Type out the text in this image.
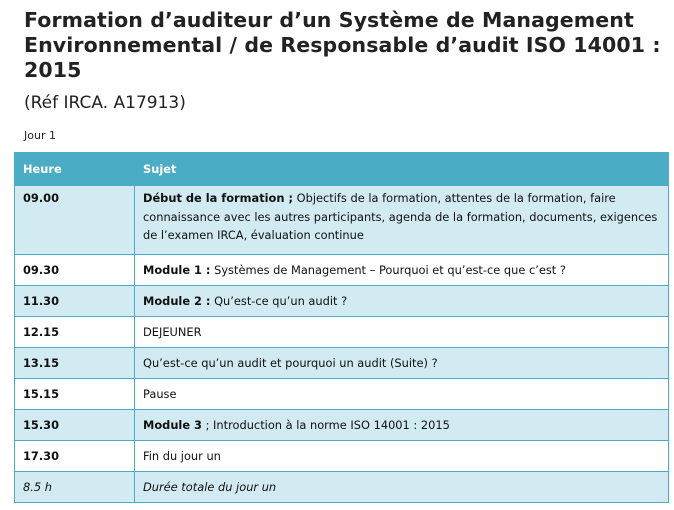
Formation d’auditeur d’un Système de Management Environnemental / de Responsable d’audit ISO 14001 : 2015
(Réf IRCA. A17913)
Jour 1
Heure	Sujet
09.00	Début de la formation ; Objectifs de la formation, attentes de la formation, faire connaissance avec les autres participants, agenda de la formation, documents, exigences de l’examen IRCA, évaluation continue
09.30	Module 1 : Systèmes de Management – Pourquoi et qu’est-ce que c’est ?
11.30	Module 2 : Qu’est-ce qu’un audit ?
12.15	DEJEUNER
13.15	Qu’est-ce qu’un audit et pourquoi un audit (Suite) ?
15.15	Pause
15.30	Module 3 ; Introduction à la norme ISO 14001 : 2015
17.30	Fin du jour un
8.5 h	Durée totale du jour un
